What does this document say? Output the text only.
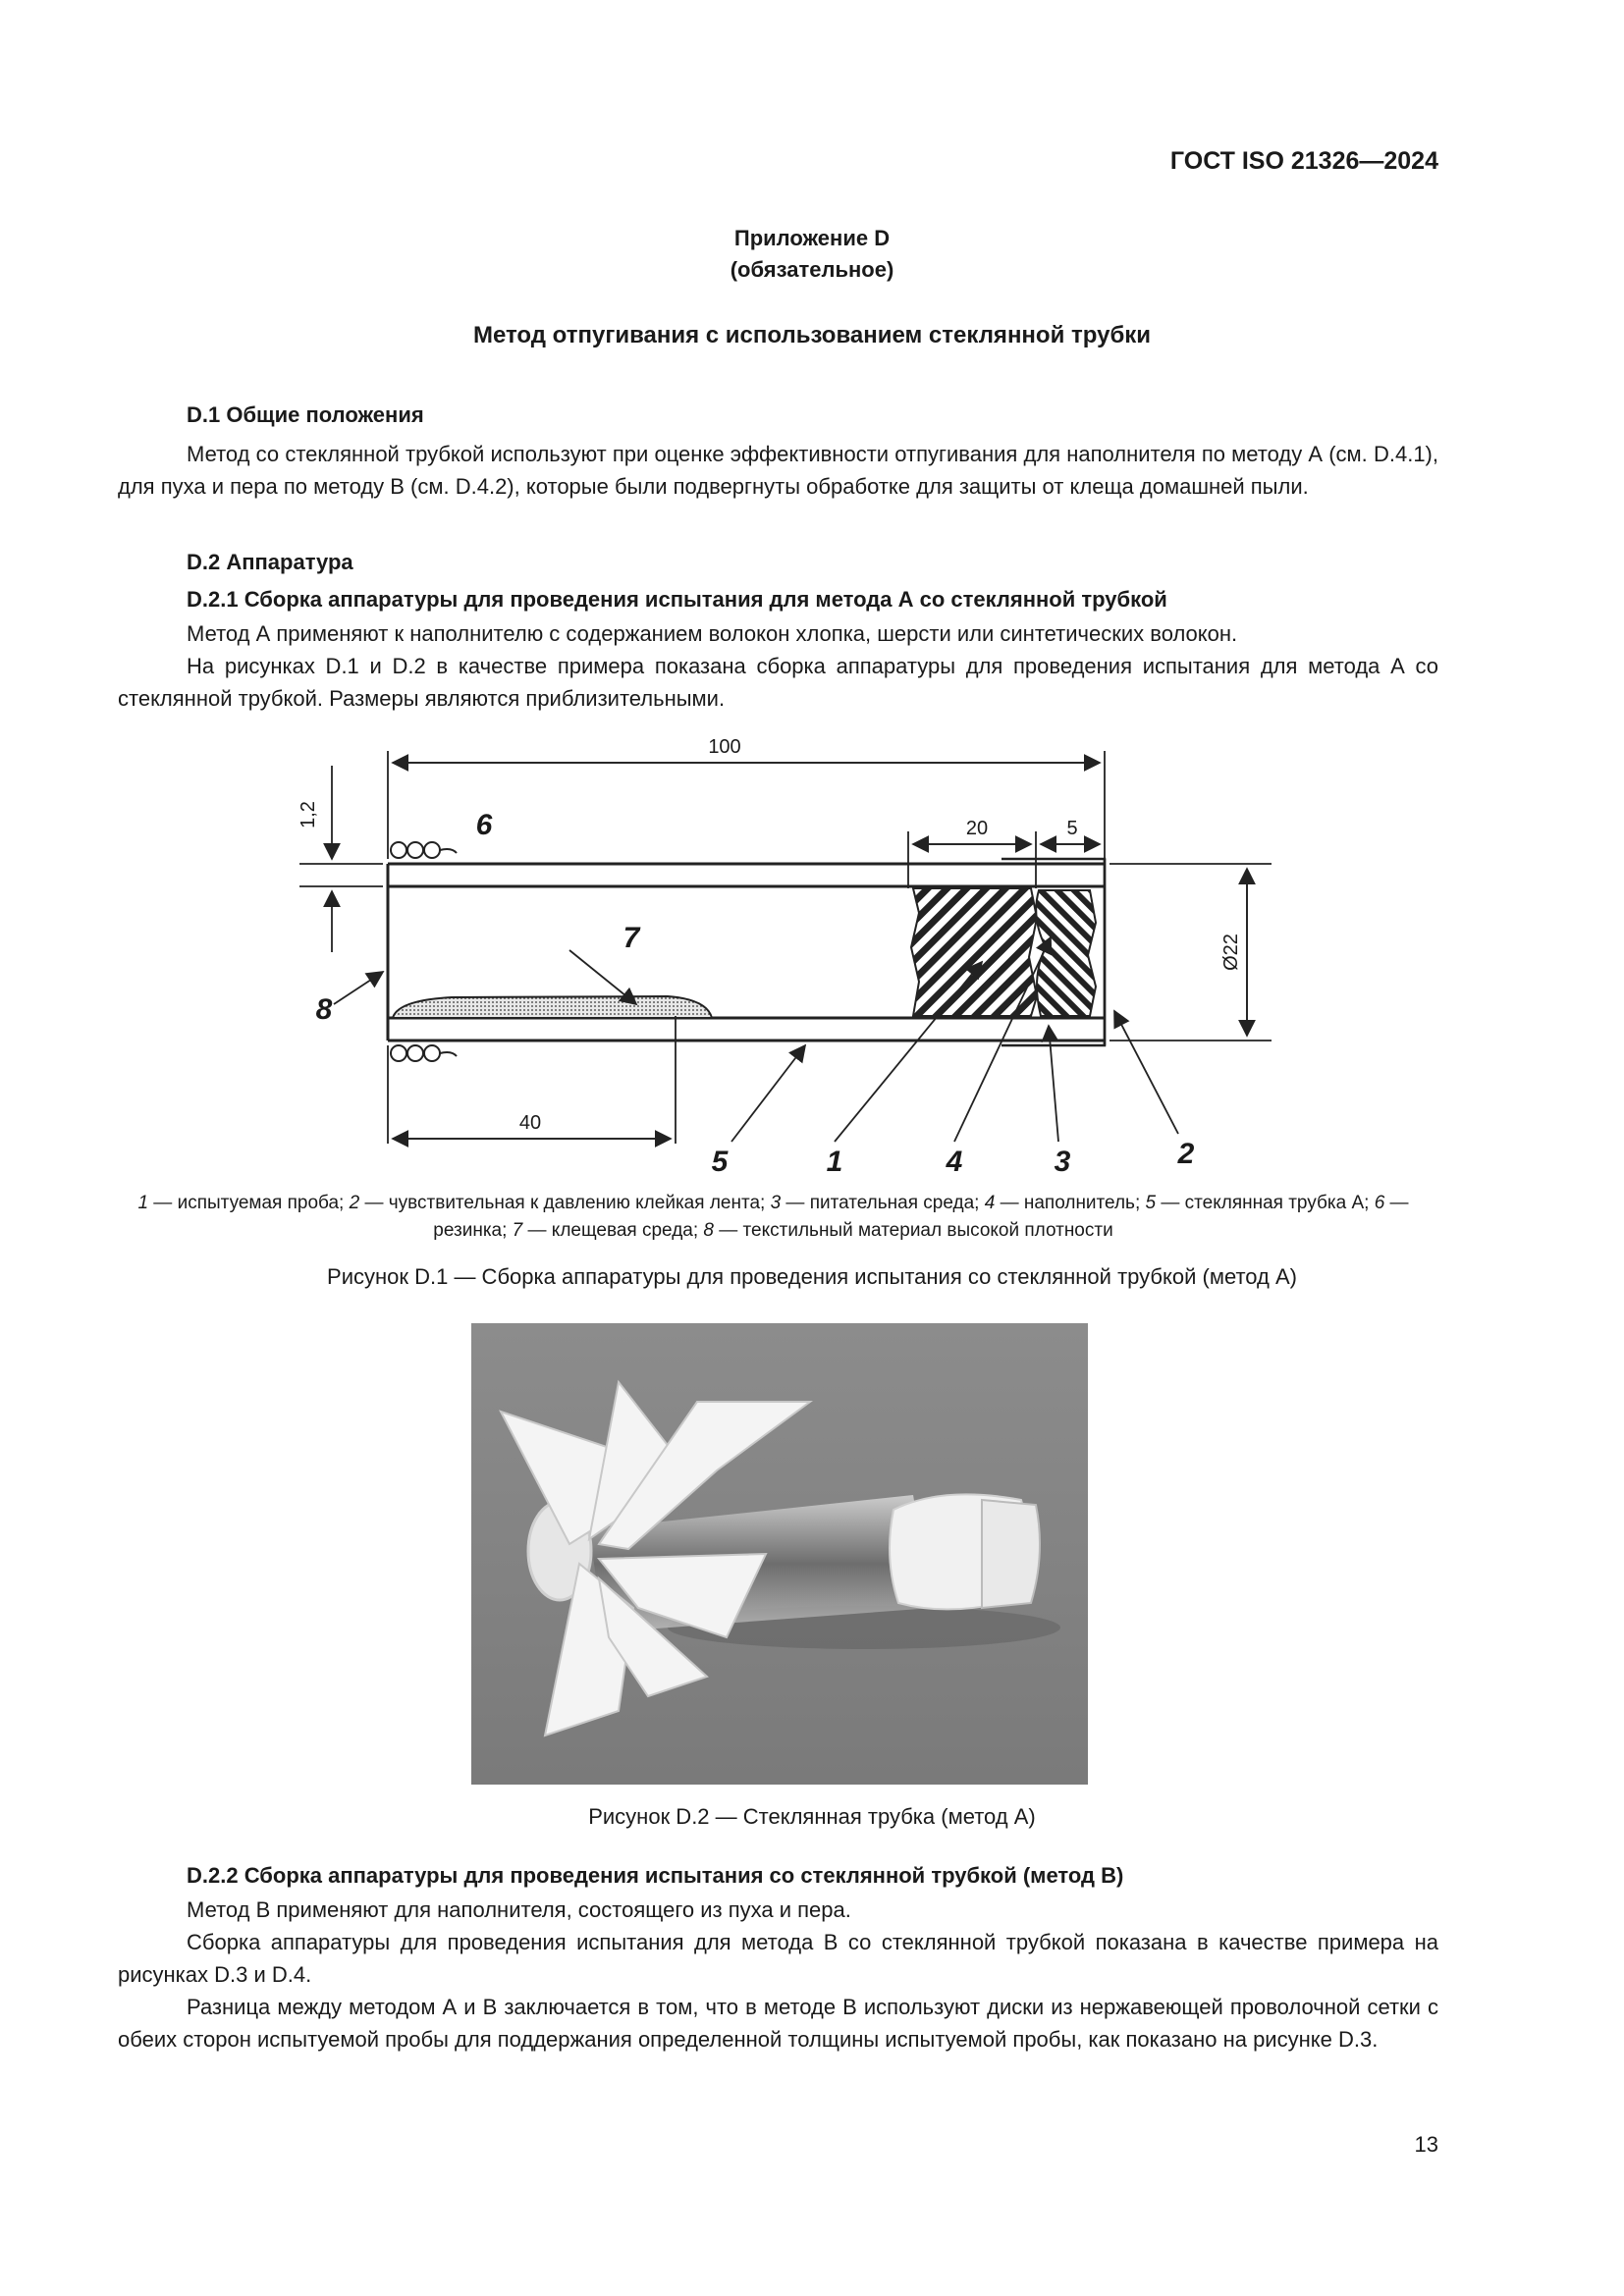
ГОСТ ISO 21326—2024
Приложение D
(обязательное)
Метод отпугивания с использованием стеклянной трубки
D.1 Общие положения
Метод со стеклянной трубкой используют при оценке эффективности отпугивания для наполнителя по методу А (см. D.4.1), для пуха и пера по методу В (см. D.4.2), которые были подвергнуты обработке для защиты от клеща домашней пыли.
D.2 Аппаратура
D.2.1 Сборка аппаратуры для проведения испытания для метода А со стеклянной трубкой
Метод А применяют к наполнителю с содержанием волокон хлопка, шерсти или синтетических волокон.
На рисунках D.1 и D.2 в качестве примера показана сборка аппаратуры для проведения испытания для метода А со стеклянной трубкой. Размеры являются приблизительными.
100
20	5
40
1,2
Ø22
1	2
3
4
5
6
7
8
1 — испытуемая проба; 2 — чувствительная к давлению клейкая лента; 3 — питательная среда; 4 — наполнитель; 5 — стеклянная трубка А; 6 — резинка; 7 — клещевая среда; 8 — текстильный материал высокой плотности
Рисунок D.1 — Сборка аппаратуры для проведения испытания со стеклянной трубкой (метод А)
Рисунок D.2 — Стеклянная трубка (метод А)
D.2.2 Сборка аппаратуры для проведения испытания со стеклянной трубкой (метод В)
Метод В применяют для наполнителя, состоящего из пуха и пера.
Сборка аппаратуры для проведения испытания для метода В со стеклянной трубкой показана в качестве примера на рисунках D.3 и D.4.
Разница между методом А и В заключается в том, что в методе В используют диски из нержавеющей проволочной сетки с обеих сторон испытуемой пробы для поддержания определенной толщины испытуемой пробы, как показано на рисунке D.3.
13
